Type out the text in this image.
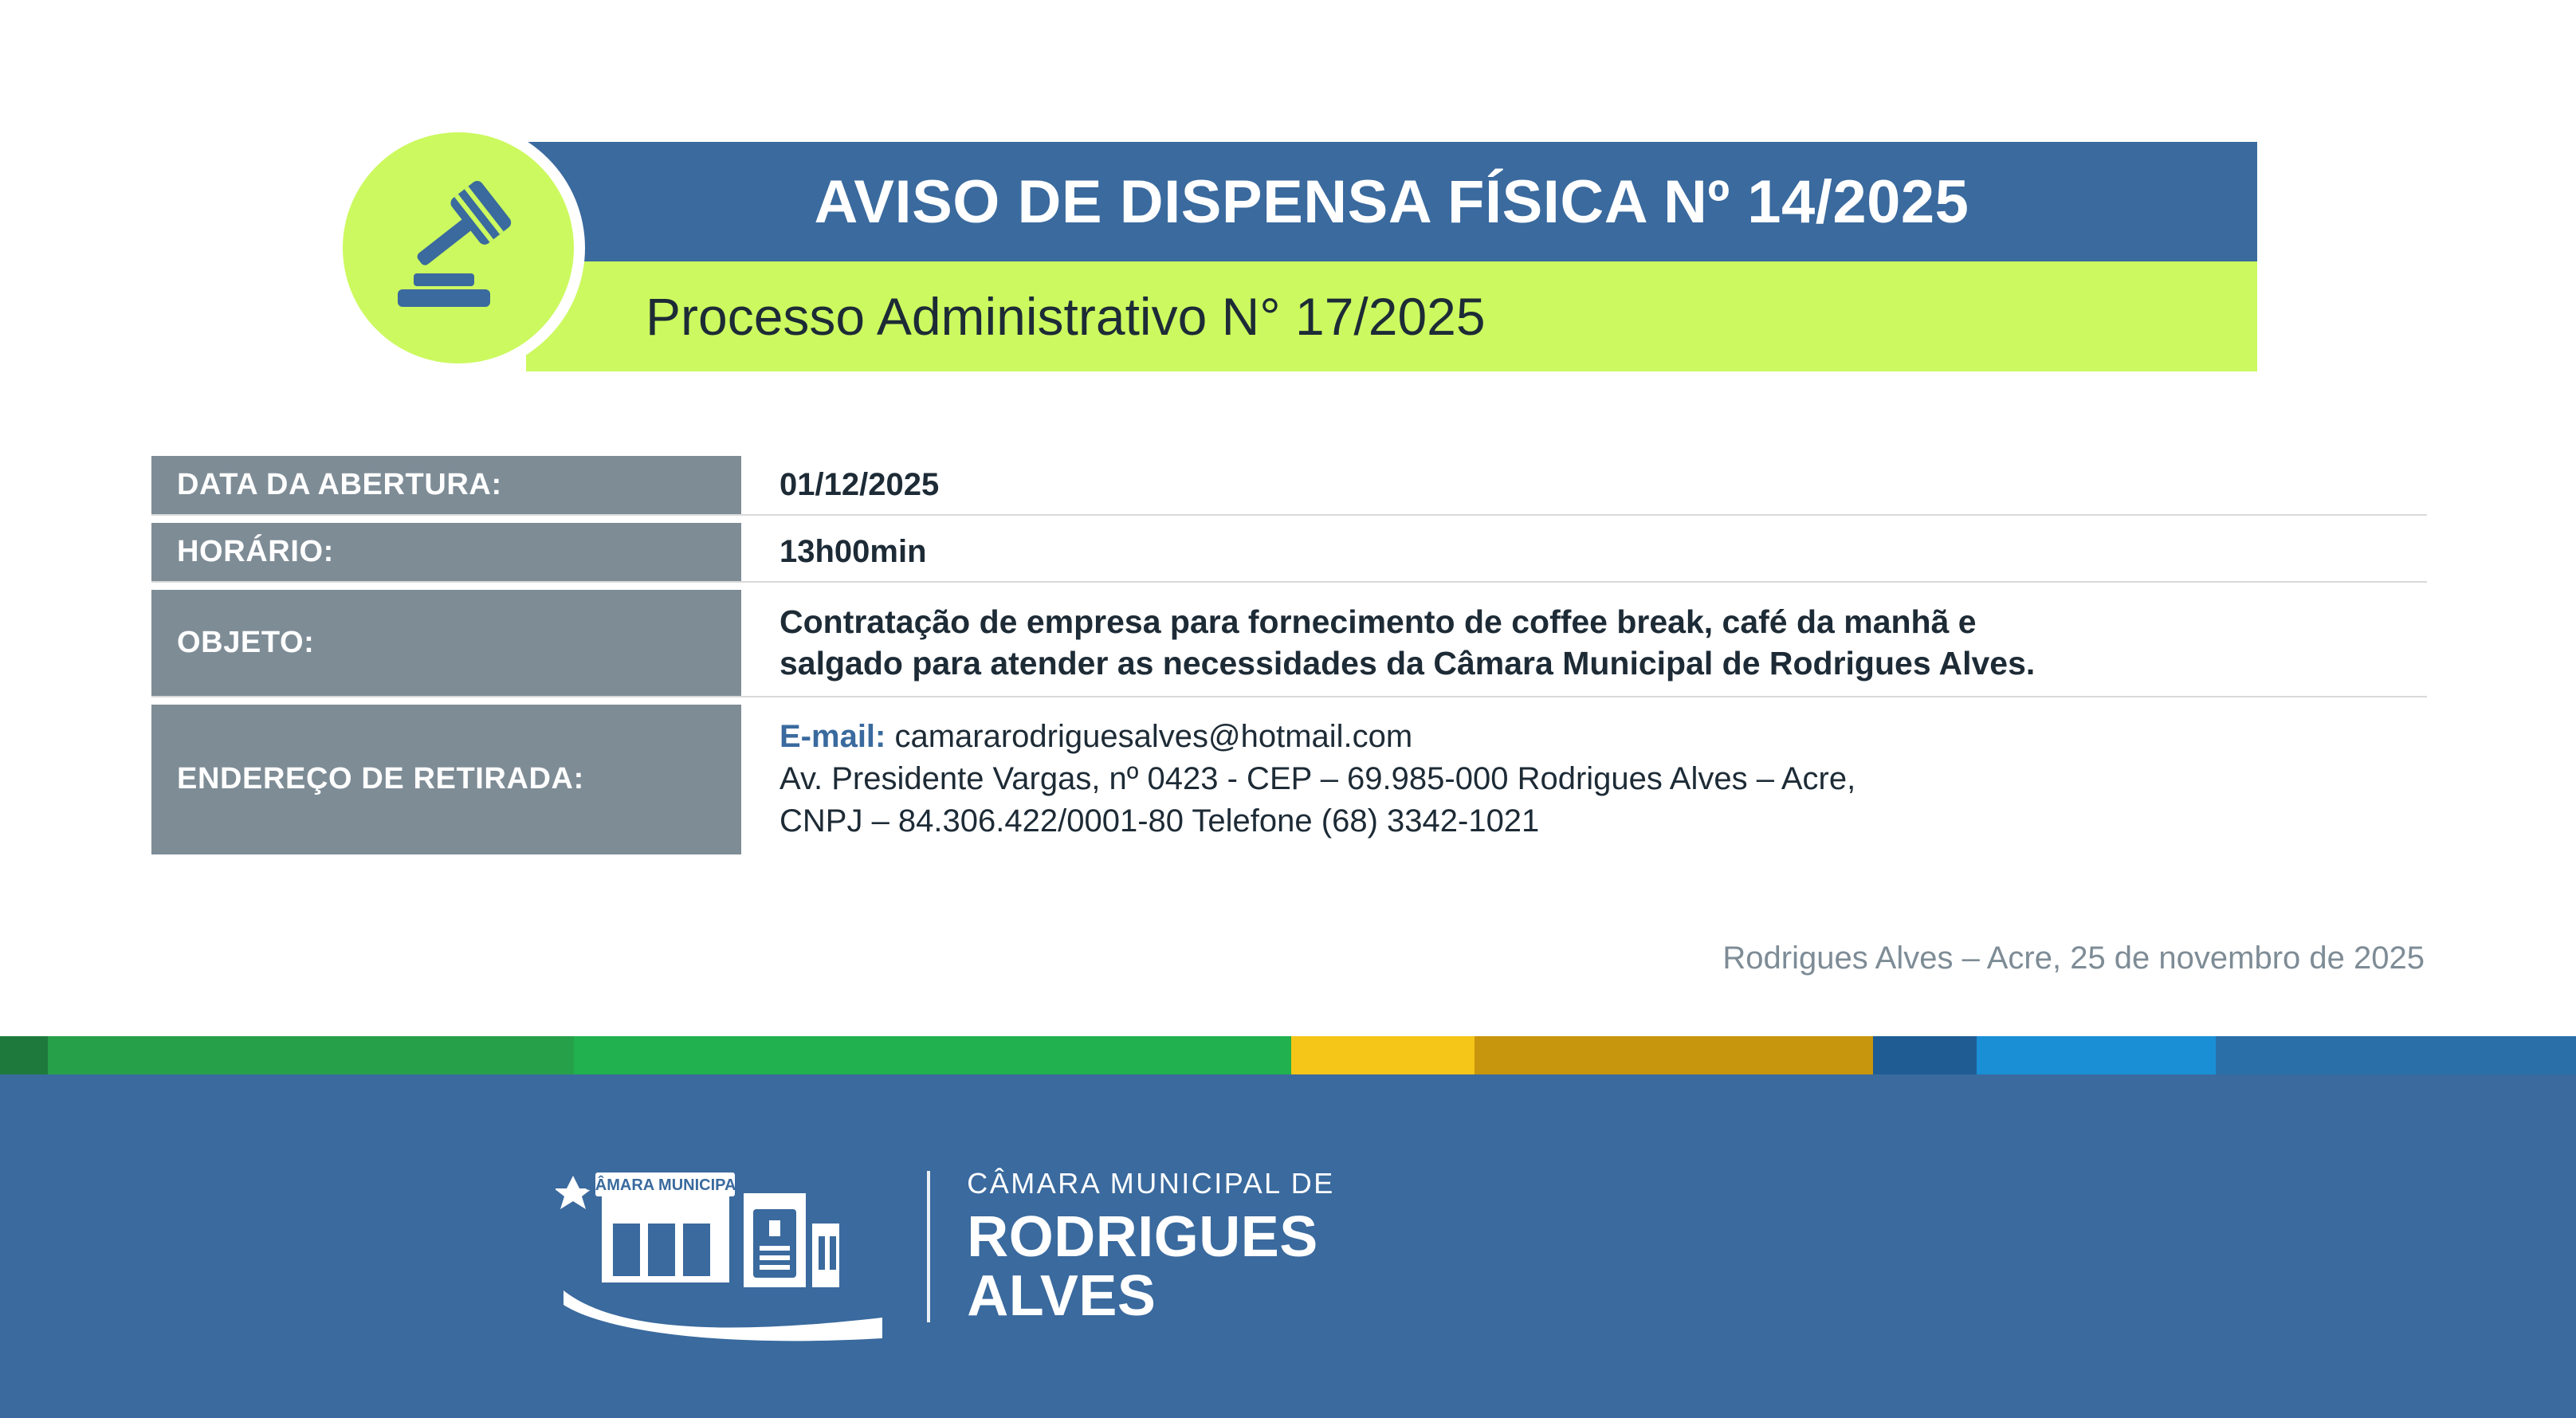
AVISO DE DISPENSA FÍSICA Nº 14/2025
Processo Administrativo N° 17/2025
DATA DA ABERTURA:	01/12/2025
HORÁRIO:	13h00min
OBJETO:
Contratação de empresa para fornecimento de coffee break, café da manhã e
salgado para atender as necessidades da Câmara Municipal de Rodrigues Alves.
ENDEREÇO DE RETIRADA:
E-mail: camararodriguesalves@hotmail.com
Av. Presidente Vargas, nº 0423 - CEP – 69.985-000 Rodrigues Alves – Acre,
CNPJ – 84.306.422/0001-80 Telefone (68) 3342-1021
Rodrigues Alves – Acre, 25 de novembro de 2025
CÂMARA MUNICIPAL	CÂMARA MUNICIPAL DE
RODRIGUES
ALVES
